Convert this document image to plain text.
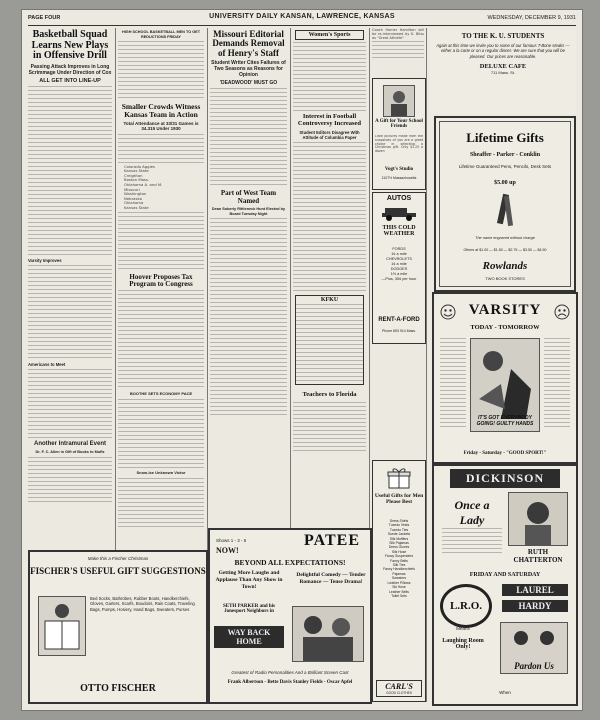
PAGE FOUR	UNIVERSITY DAILY KANSAN, LAWRENCE, KANSAS	WEDNESDAY, DECEMBER 9, 1931
Basketball Squad Learns New Plays in Offensive Drill
Passing Attack Improves in Long Scrimmage Under Direction of Cox
ALL GET INTO LINE-UP
Varsity Improves
Americans to Meet
Another Intramural Event
Dr. F. C. Allen in Gift of Books to Mufls
HIGH SCHOOL BASKETBALL MEN TO GET REDUCTIONS FRIDAY
Smaller Crowds Witness Kansas Team in Action
Total Attendance at 33/31 Games is 34.315 Under 1930
Colorado Aggies
Kansas State
Creighton
Boston Mass.
Oklahoma A. and M.
Missouri
Washington
Nebraska
Oklahoma
Kansas State
Hoover Proposes Tax Program to Congress
BOOTHE SETS ECONOMY PACE
Snow-Ice Unknown Victor
Missouri Editorial Demands Removal of Henry's Staff
Student Writer Cites Failures of Two Seasons as Reasons for Opinion
'DEADWOOD' MUST GO
Part of West Team Named
Dean Soberly Rittleneck Hunt Elected by Board Tuesday Night
Women's Sports
Interest in Football Controversy Increased
Student Editors Disagree With Attitude of Columbia Paper
KFKU
Teachers to Florida
Coach Homer Hamilton will be re-interviewed by K. Bliss as "Great Athlete"
A Gift for Your School Friends
Little pictures made from the snapshots of you are a great choice in selecting a Christmas gift. Only $1.25 a dozen
Vogt's Studio
1107½ Massachusetts
AUTOS
THIS COLD WEATHER
FORDS
1¢ a mile
CHEVROLETS
1¢ a mile
DODGES
1½ a mile
—Plus, 35¢ per hour
RENT-A-FORD
Phone 653 914 Mass.
Useful Gifts for Men Please Best
Dress Shirts
Tuxedo Vests
Tuxedo Ties
Suede Jackets
Silk Mufflers
Silk Pajamas
Dress Gloves
Silk Hose
Fancy Suspenders
Fancy Belts
Silk Ties
Fancy Handkerchiefs
Pajamas
Sweaters
Leather Pillows
Ski Hose
Leather Belts
Toilet Sets
CARL'S
GOOD CLOTHES
TO THE K. U. STUDENTS
Again at this time we invite you to some of our famous T-Bone steaks — either a la carte or on a regular dinner. We are sure that you will be pleased. Our prices are reasonable.
DELUXE CAFE
711 Mass. St.
Lifetime Gifts
Sheaffer - Parker - Conklin
Lifetime Guaranteed Pens, Pencils, Desk Sets
$5.00 up
The name engraved without charge
Others at $1.00 — $1.50 — $2.75 — $3.50 — $4.50
Rowlands
TWO BOOK STORES
VARSITY
TODAY - TOMORROW
IT'S GOT EVERYBODY GOING! GUILTY HANDS
Friday - Saturday - "GOOD SPORT!"
DICKINSON
Once a Lady
RUTH CHATTERTON
FRIDAY AND SATURDAY
L.R.O.
LAUREL
HARDY
Means
Laughing Room Only!
Pardon Us
When
Make this a Fischer Christmas
FISCHER'S USEFUL GIFT SUGGESTIONS
Bed Socks, Bathrobes, Rubber Boots, Handkerchiefs, Gloves, Garters, Scarfs, Boudoirs, Rain Coats, Traveling Bags, Pumps, Hosiery, Hand Bags, Sweaters, Purses
OTTO FISCHER
Shows 1 - 3 - 5
NOW!
PATEE
BEYOND ALL EXPECTATIONS!
Getting More Laughs and Applause Than Any Show in Town!
Delightful Comedy — Tender Romance — Tense Drama!
SETH PARKER and his Jonesport Neighbors in
WAY BACK HOME
Greatest of Radio Personalities And a Brilliant Screen Cast
Frank Albertson - Bette Davis Stanley Fields - Oscar Apfel
